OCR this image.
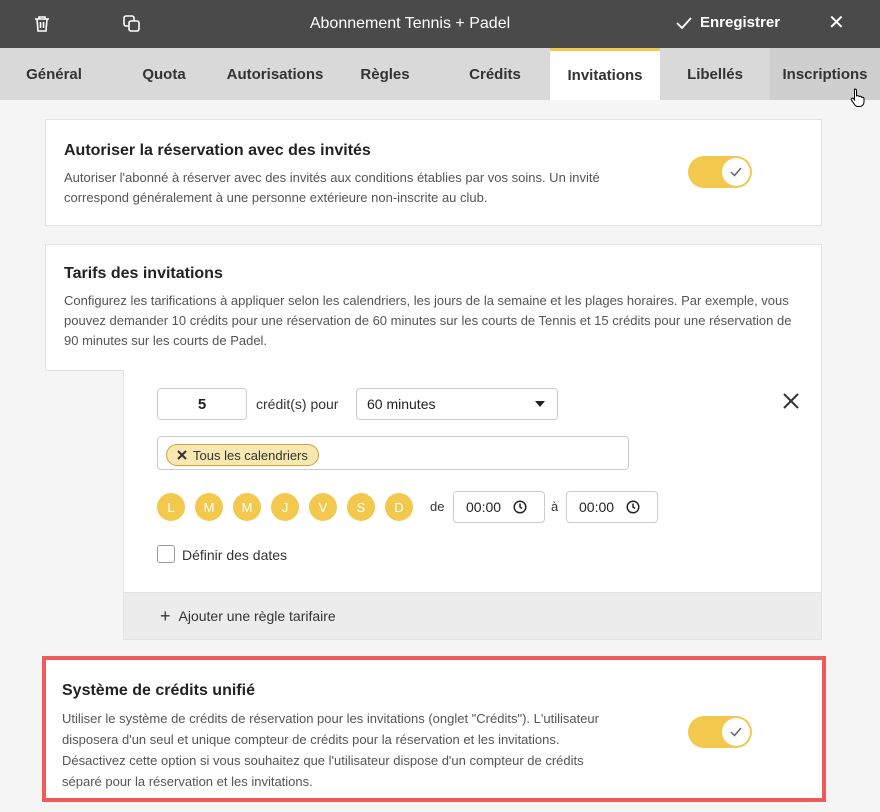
Abonnement Tennis + Padel	Enregistrer ✕
Général	Quota	Autorisations	Règles	Crédits	Invitations	Libellés	Inscriptions
Autoriser la réservation avec des invités

Autoriser l'abonné à réserver avec des invités aux conditions établies par vos soins. Un invité correspond généralement à une personne extérieure non-inscrite au club.

Tarifs des invitations

Configurez les tarifications à appliquer selon les calendriers, les jours de la semaine et les plages horaires. Par exemple, vous pouvez demander 10 crédits pour une réservation de 60 minutes sur les courts de Tennis et 15 crédits pour une réservation de 90 minutes sur les courts de Padel.

5	crédit(s) pour 60 minutes
Tous les calendriers
L	M	M	J	V	S	D	de 00:00	à 00:00
Définir des dates
+ Ajouter une règle tarifaire
Système de crédits unifié

Utiliser le système de crédits de réservation pour les invitations (onglet "Crédits"). L'utilisateur disposera d'un seul et unique compteur de crédits pour la réservation et les invitations. Désactivez cette option si vous souhaitez que l'utilisateur dispose d'un compteur de crédits séparé pour la réservation et les invitations.
